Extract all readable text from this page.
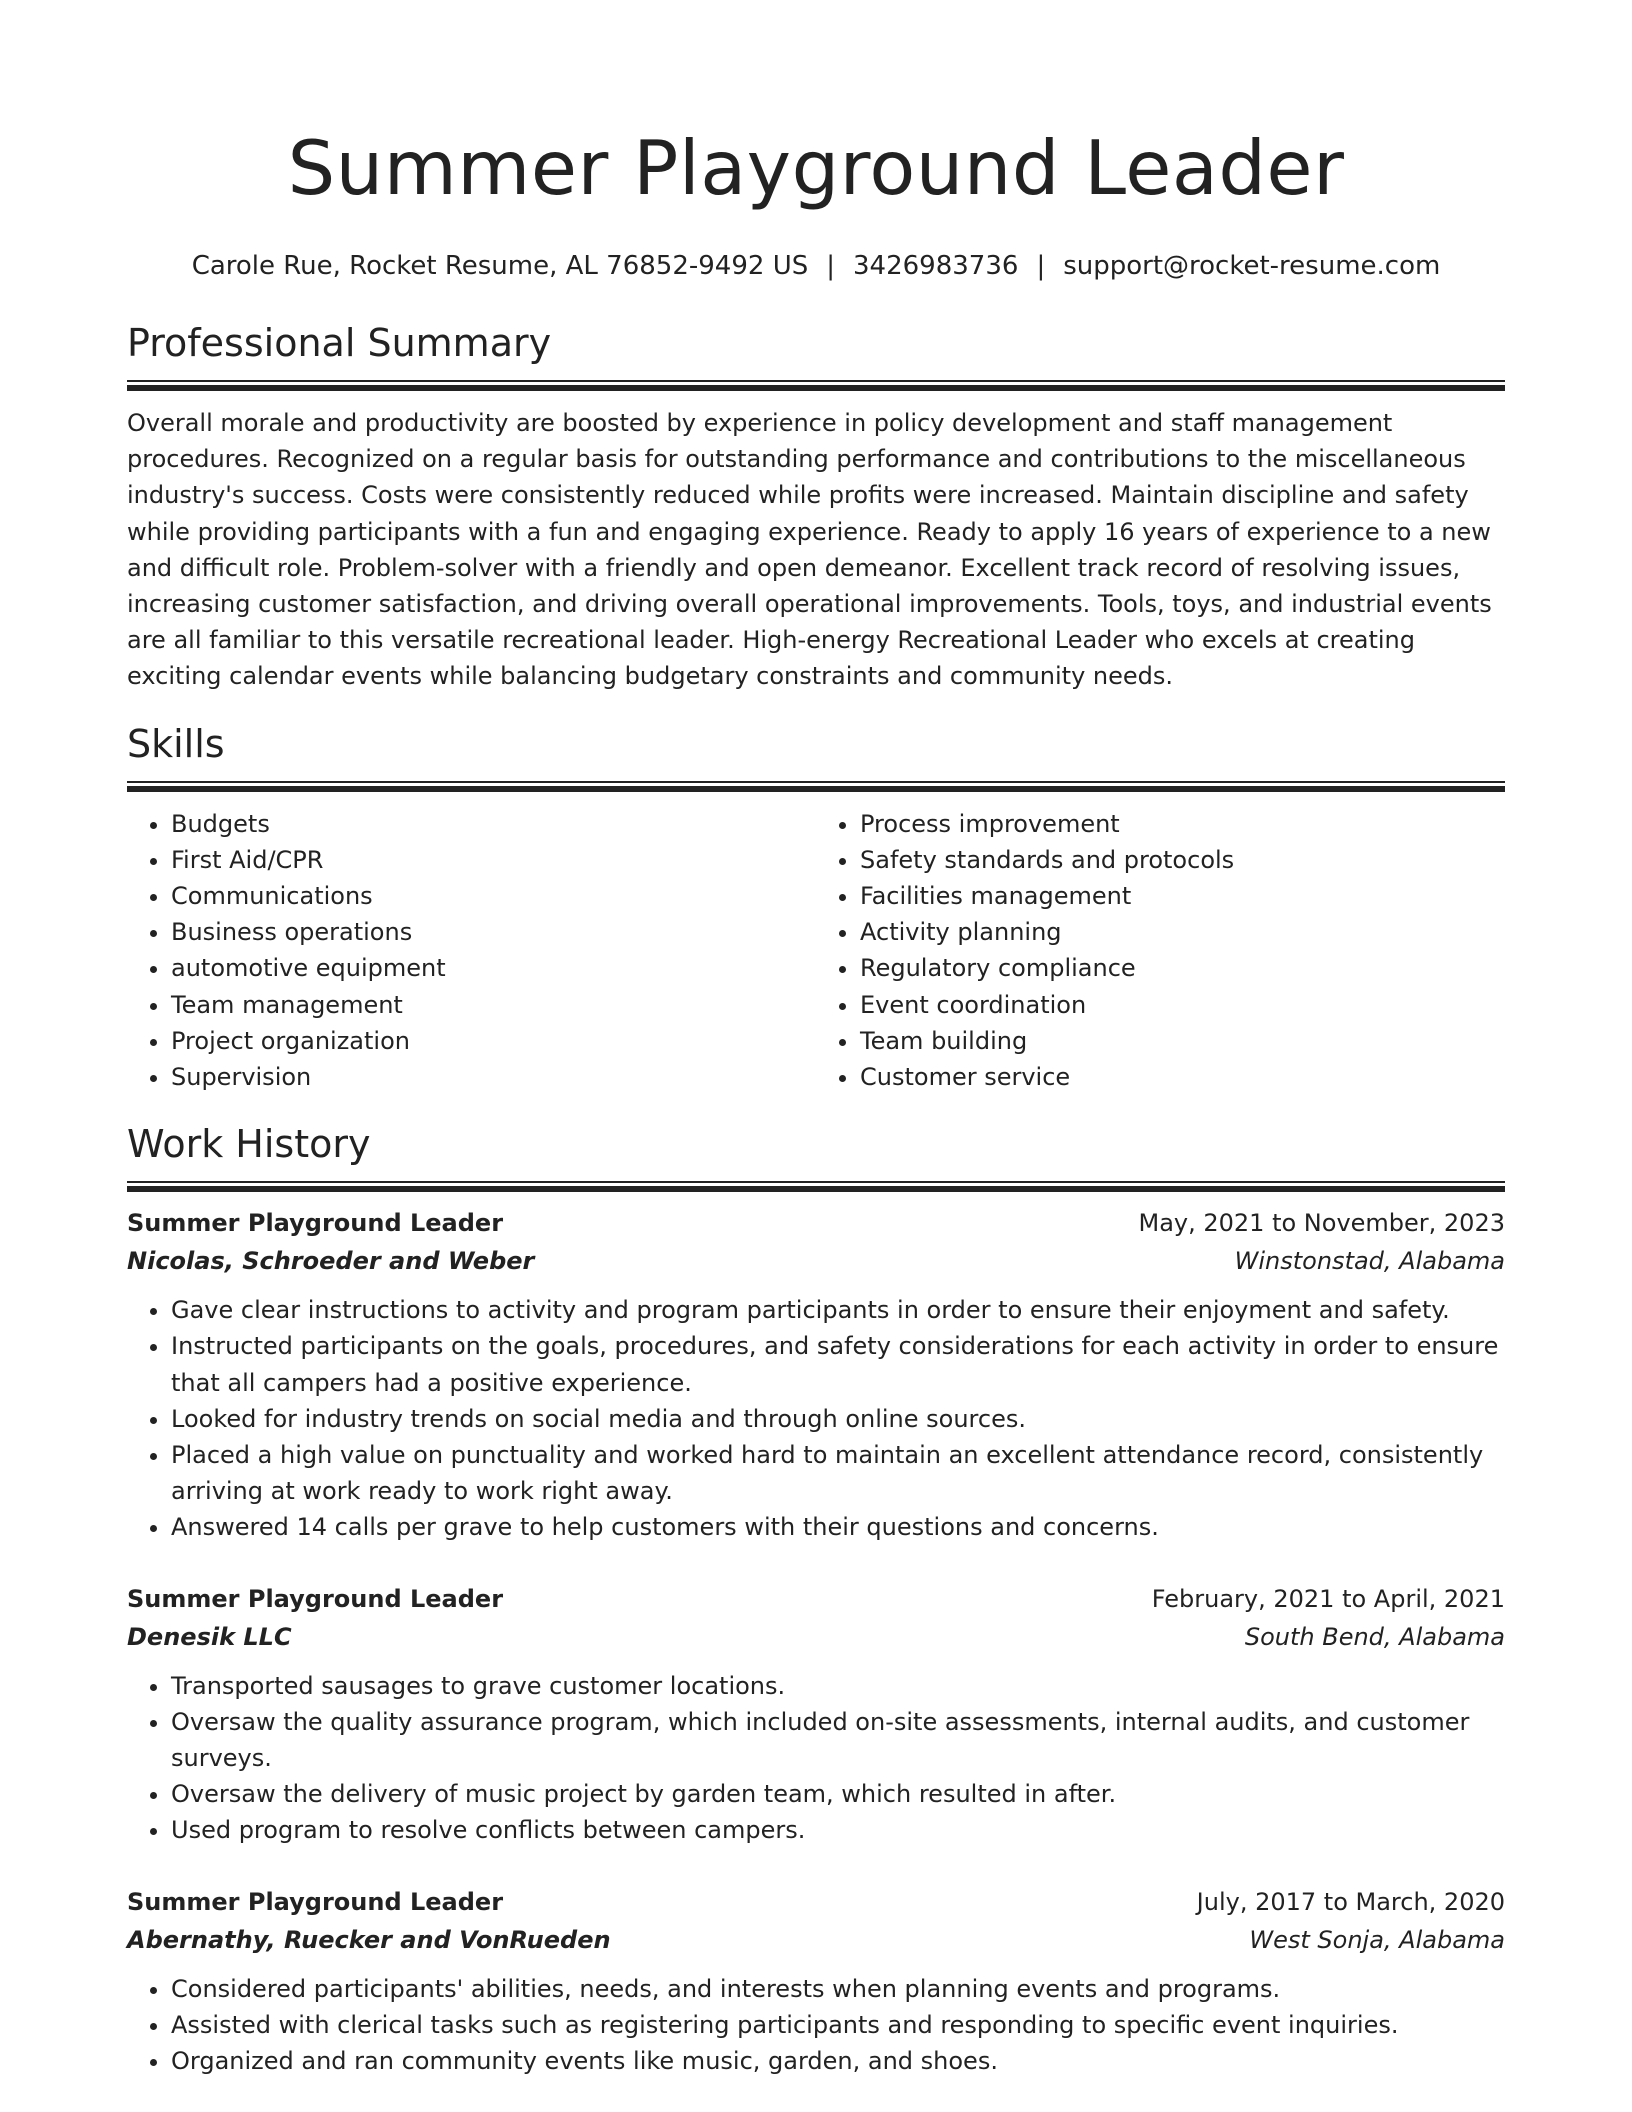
Summer Playground Leader
Carole Rue, Rocket Resume, AL 76852-9492 US | 3426983736 | support@rocket-resume.com
Professional Summary

Overall morale and productivity are boosted by experience in policy development and staff management procedures. Recognized on a regular basis for outstanding performance and contributions to the miscellaneous industry's success. Costs were consistently reduced while profits were increased. Maintain discipline and safety while providing participants with a fun and engaging experience. Ready to apply 16 years of experience to a new and difficult role. Problem-solver with a friendly and open demeanor. Excellent track record of resolving issues, increasing customer satisfaction, and driving overall operational improvements. Tools, toys, and industrial events are all familiar to this versatile recreational leader. High-energy Recreational Leader who excels at creating exciting calendar events while balancing budgetary constraints and community needs.

Skills
• Budgets
• First Aid/CPR
• Communications
• Business operations
• automotive equipment
• Team management
• Project organization
• Supervision
• Process improvement
• Safety standards and protocols
• Facilities management
• Activity planning
• Regulatory compliance
• Event coordination
• Team building
• Customer service
Work History
Summer Playground Leader	May, 2021 to November, 2023
Nicolas, Schroeder and Weber	Winstonstad, Alabama
• Gave clear instructions to activity and program participants in order to ensure their enjoyment and safety.
• Instructed participants on the goals, procedures, and safety considerations for each activity in order to ensure that all campers had a positive experience.
• Looked for industry trends on social media and through online sources.
• Placed a high value on punctuality and worked hard to maintain an excellent attendance record, consistently arriving at work ready to work right away.
• Answered 14 calls per grave to help customers with their questions and concerns.
Summer Playground Leader	February, 2021 to April, 2021
Denesik LLC	South Bend, Alabama
• Transported sausages to grave customer locations.
• Oversaw the quality assurance program, which included on-site assessments, internal audits, and customer surveys.
• Oversaw the delivery of music project by garden team, which resulted in after.
• Used program to resolve conflicts between campers.
Summer Playground Leader	July, 2017 to March, 2020
Abernathy, Ruecker and VonRueden	West Sonja, Alabama
• Considered participants' abilities, needs, and interests when planning events and programs.
• Assisted with clerical tasks such as registering participants and responding to specific event inquiries.
• Organized and ran community events like music, garden, and shoes.
